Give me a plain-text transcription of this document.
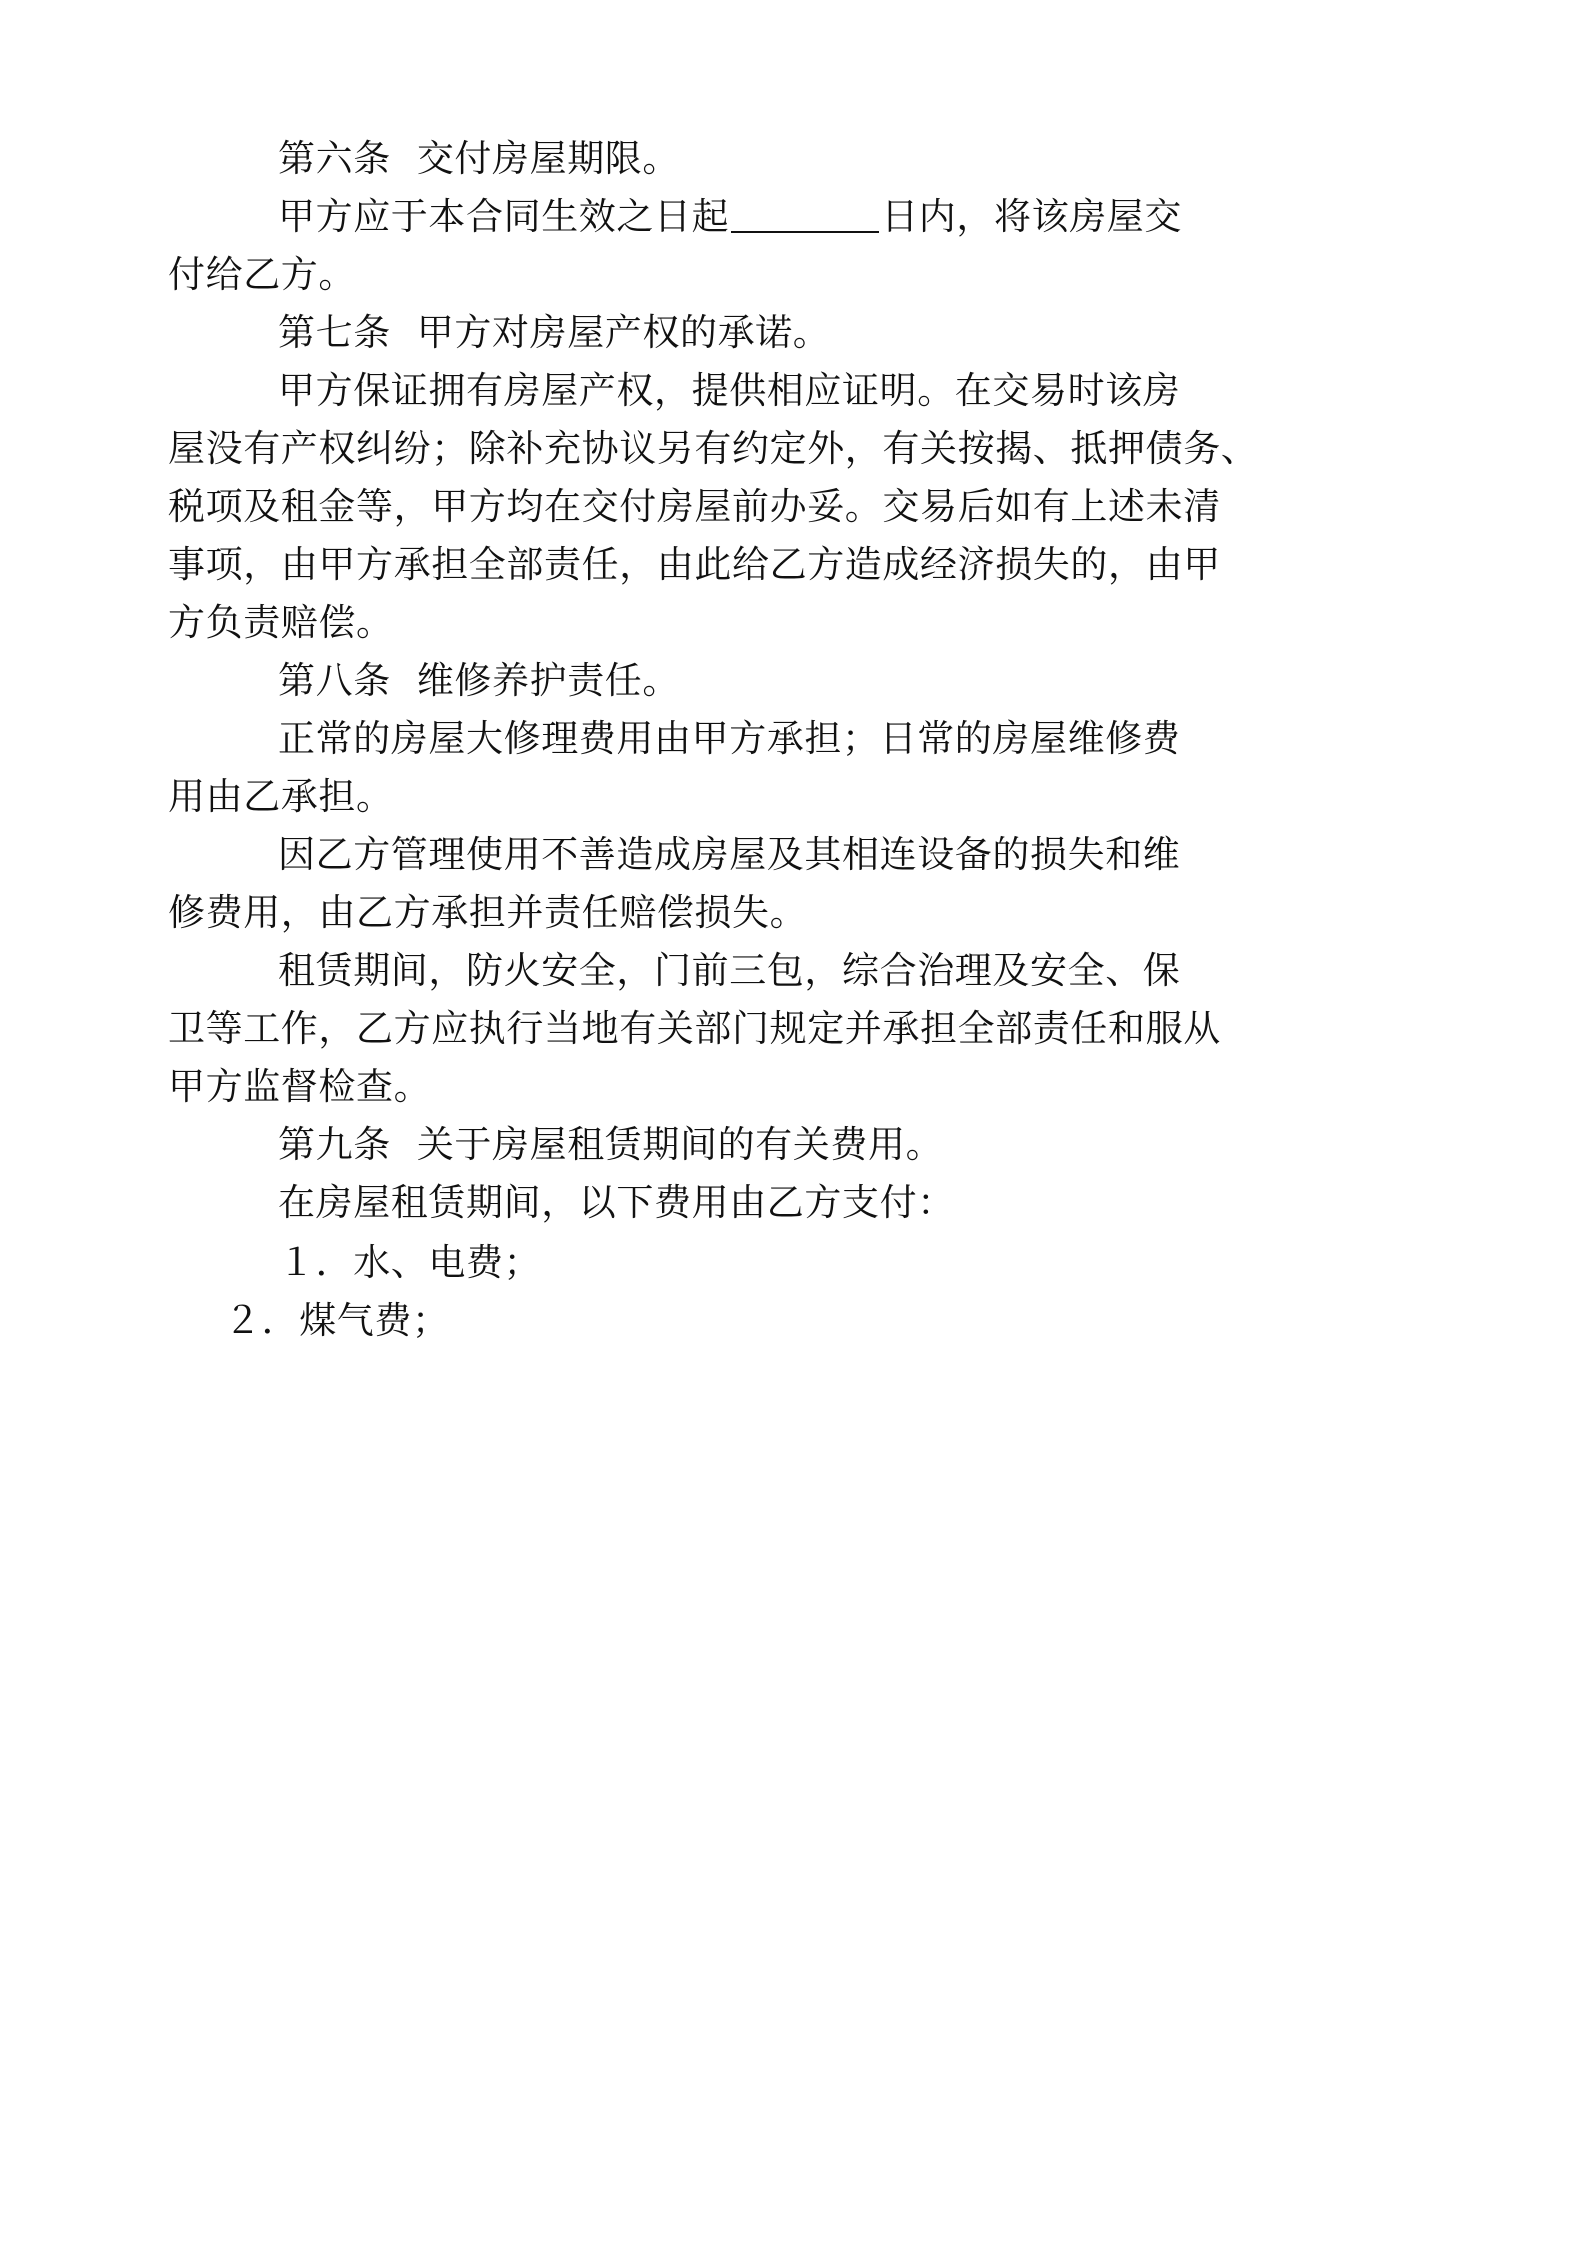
第六条 交付房屋期限。
甲方应于本合同生效之日起	日内，将该房屋交
付给乙方。
第七条 甲方对房屋产权的承诺。
甲方保证拥有房屋产权，提供相应证明。在交易时该房
屋没有产权纠纷；除补充协议另有约定外，有关按揭、抵押债务、
税项及租金等，甲方均在交付房屋前办妥。交易后如有上述未清
事项，由甲方承担全部责任，由此给乙方造成经济损失的，由甲
方负责赔偿。
第八条 维修养护责任。
正常的房屋大修理费用由甲方承担；日常的房屋维修费
用由乙承担。
因乙方管理使用不善造成房屋及其相连设备的损失和维
修费用，由乙方承担并责任赔偿损失。
租赁期间，防火安全，门前三包，综合治理及安全、保
卫等工作，乙方应执行当地有关部门规定并承担全部责任和服从
甲方监督检查。
第九条 关于房屋租赁期间的有关费用。
在房屋租赁期间，以下费用由乙方支付：
１．水、电费；
２．煤气费；
